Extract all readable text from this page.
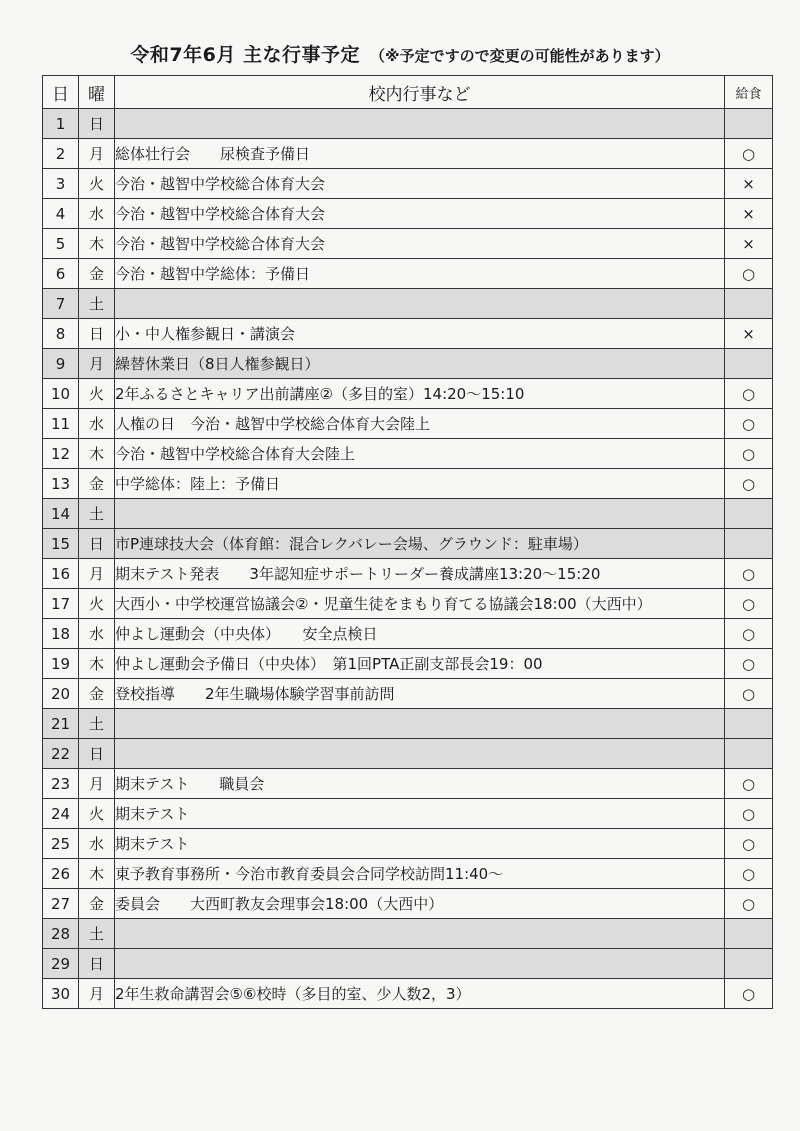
令和7年6月 主な行事予定 （※予定ですので変更の可能性があります）
日	曜	校内行事など	給食
1	日		
2	月	総体壮行会　　尿検査予備日	○
3	火	今治・越智中学校総合体育大会	×
4	水	今治・越智中学校総合体育大会	×
5	木	今治・越智中学校総合体育大会	×
6	金	今治・越智中学総体：予備日	○
7	土		
8	日	小・中人権参観日・講演会	×
9	月	繰替休業日（8日人権参観日）	
10	火	2年ふるさとキャリア出前講座②（多目的室）14:20～15:10	○
11	水	人権の日　今治・越智中学校総合体育大会陸上	○
12	木	今治・越智中学校総合体育大会陸上	○
13	金	中学総体：陸上：予備日	○
14	土		
15	日	市P連球技大会（体育館：混合レクバレー会場、グラウンド：駐車場）	
16	月	期末テスト発表　　3年認知症サポートリーダー養成講座13:20～15:20	○
17	火	大西小・中学校運営協議会②・児童生徒をまもり育てる協議会18:00（大西中）	○
18	水	仲よし運動会（中央体）　　安全点検日	○
19	木	仲よし運動会予備日（中央体）　第1回PTA正副支部長会19：00	○
20	金	登校指導　　2年生職場体験学習事前訪問	○
21	土		
22	日		
23	月	期末テスト　　職員会	○
24	火	期末テスト	○
25	水	期末テスト	○
26	木	東予教育事務所・今治市教育委員会合同学校訪問11:40～	○
27	金	委員会　　大西町教友会理事会18:00（大西中）	○
28	土		
29	日		
30	月	2年生救命講習会⑤⑥校時（多目的室、少人数2，3）	○
